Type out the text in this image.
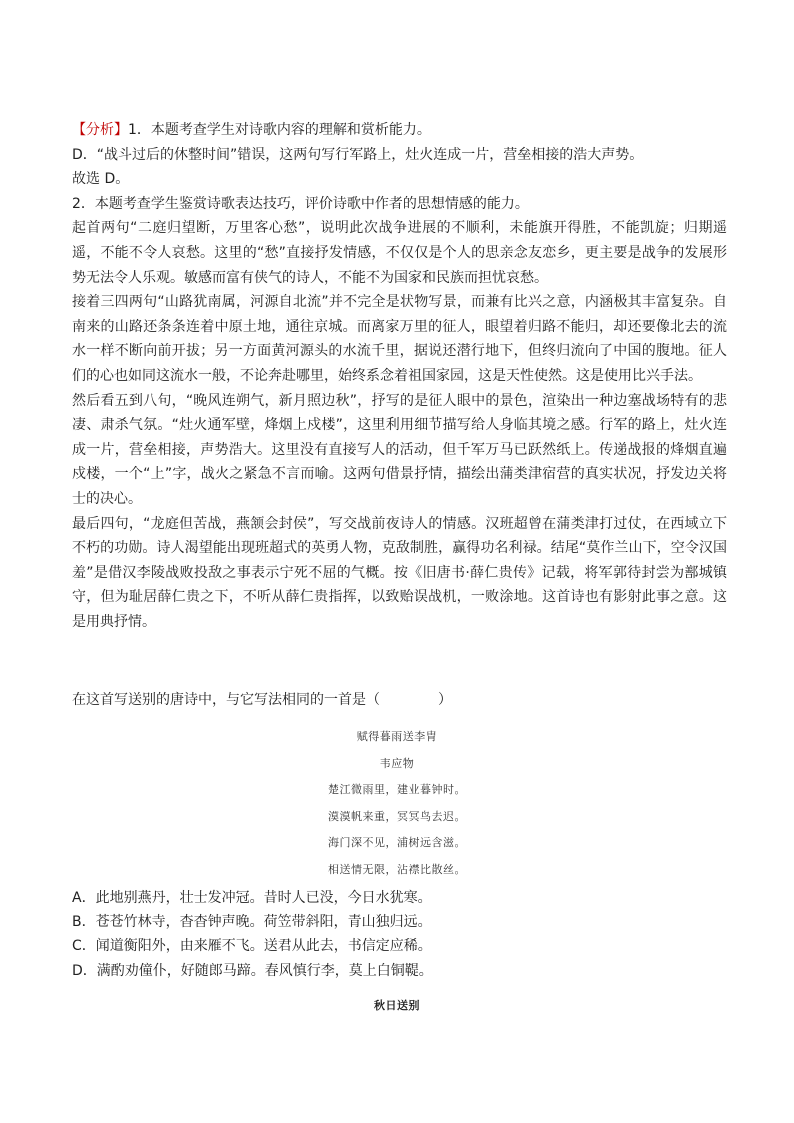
【分析】1．本题考查学生对诗歌内容的理解和赏析能力。

D．“战斗过后的休整时间”错误，这两句写行军路上，灶火连成一片，营垒相接的浩大声势。

故选 D。

2．本题考查学生鉴赏诗歌表达技巧，评价诗歌中作者的思想情感的能力。

起首两句“二庭归望断，万里客心愁”，说明此次战争进展的不顺利，未能旗开得胜，不能凯旋；归期遥遥，不能不令人哀愁。这里的“愁”直接抒发情感，不仅仅是个人的思亲念友恋乡，更主要是战争的发展形势无法令人乐观。敏感而富有侠气的诗人，不能不为国家和民族而担忧哀愁。

接着三四两句“山路犹南属，河源自北流”并不完全是状物写景，而兼有比兴之意，内涵极其丰富复杂。自南来的山路还条条连着中原土地，通往京城。而离家万里的征人，眼望着归路不能归，却还要像北去的流水一样不断向前开拔；另一方面黄河源头的水流千里，据说还潜行地下，但终归流向了中国的腹地。征人们的心也如同这流水一般，不论奔赴哪里，始终系念着祖国家园，这是天性使然。这是使用比兴手法。

然后看五到八句，“晚风连朔气，新月照边秋”，抒写的是征人眼中的景色，渲染出一种边塞战场特有的悲凄、肃杀气氛。“灶火通军壁，烽烟上戍楼”，这里利用细节描写给人身临其境之感。行军的路上，灶火连成一片，营垒相接，声势浩大。这里没有直接写人的活动，但千军万马已跃然纸上。传递战报的烽烟直遍戍楼，一个“上”字，战火之紧急不言而喻。这两句借景抒情，描绘出蒲类津宿营的真实状况，抒发边关将士的决心。

最后四句，“龙庭但苦战，燕颔会封侯”，写交战前夜诗人的情感。汉班超曾在蒲类津打过仗，在西域立下不朽的功勋。诗人渴望能出现班超式的英勇人物，克敌制胜，赢得功名利禄。结尾“莫作兰山下，空令汉国羞”是借汉李陵战败投敌之事表示宁死不屈的气概。按《旧唐书·薛仁贵传》记载，将军郭待封尝为鄯城镇守，但为耻居薛仁贵之下，不听从薛仁贵指挥，以致贻误战机，一败涂地。这首诗也有影射此事之意。这是用典抒情。

在这首写送别的唐诗中，与它写法相同的一首是（	）

赋得暮雨送李胄

韦应物

楚江微雨里，建业暮钟时。

漠漠帆来重，冥冥鸟去迟。

海门深不见，浦树远含滋。

相送情无限，沾襟比散丝。

A．此地别燕丹，壮士发冲冠。昔时人已没，今日水犹寒。

B．苍苍竹林寺，杳杳钟声晚。荷笠带斜阳，青山独归远。

C．闻道衡阳外，由来雁不飞。送君从此去，书信定应稀。

D．满酌劝僮仆，好随郎马蹄。春风慎行李，莫上白铜鞮。

秋日送别
